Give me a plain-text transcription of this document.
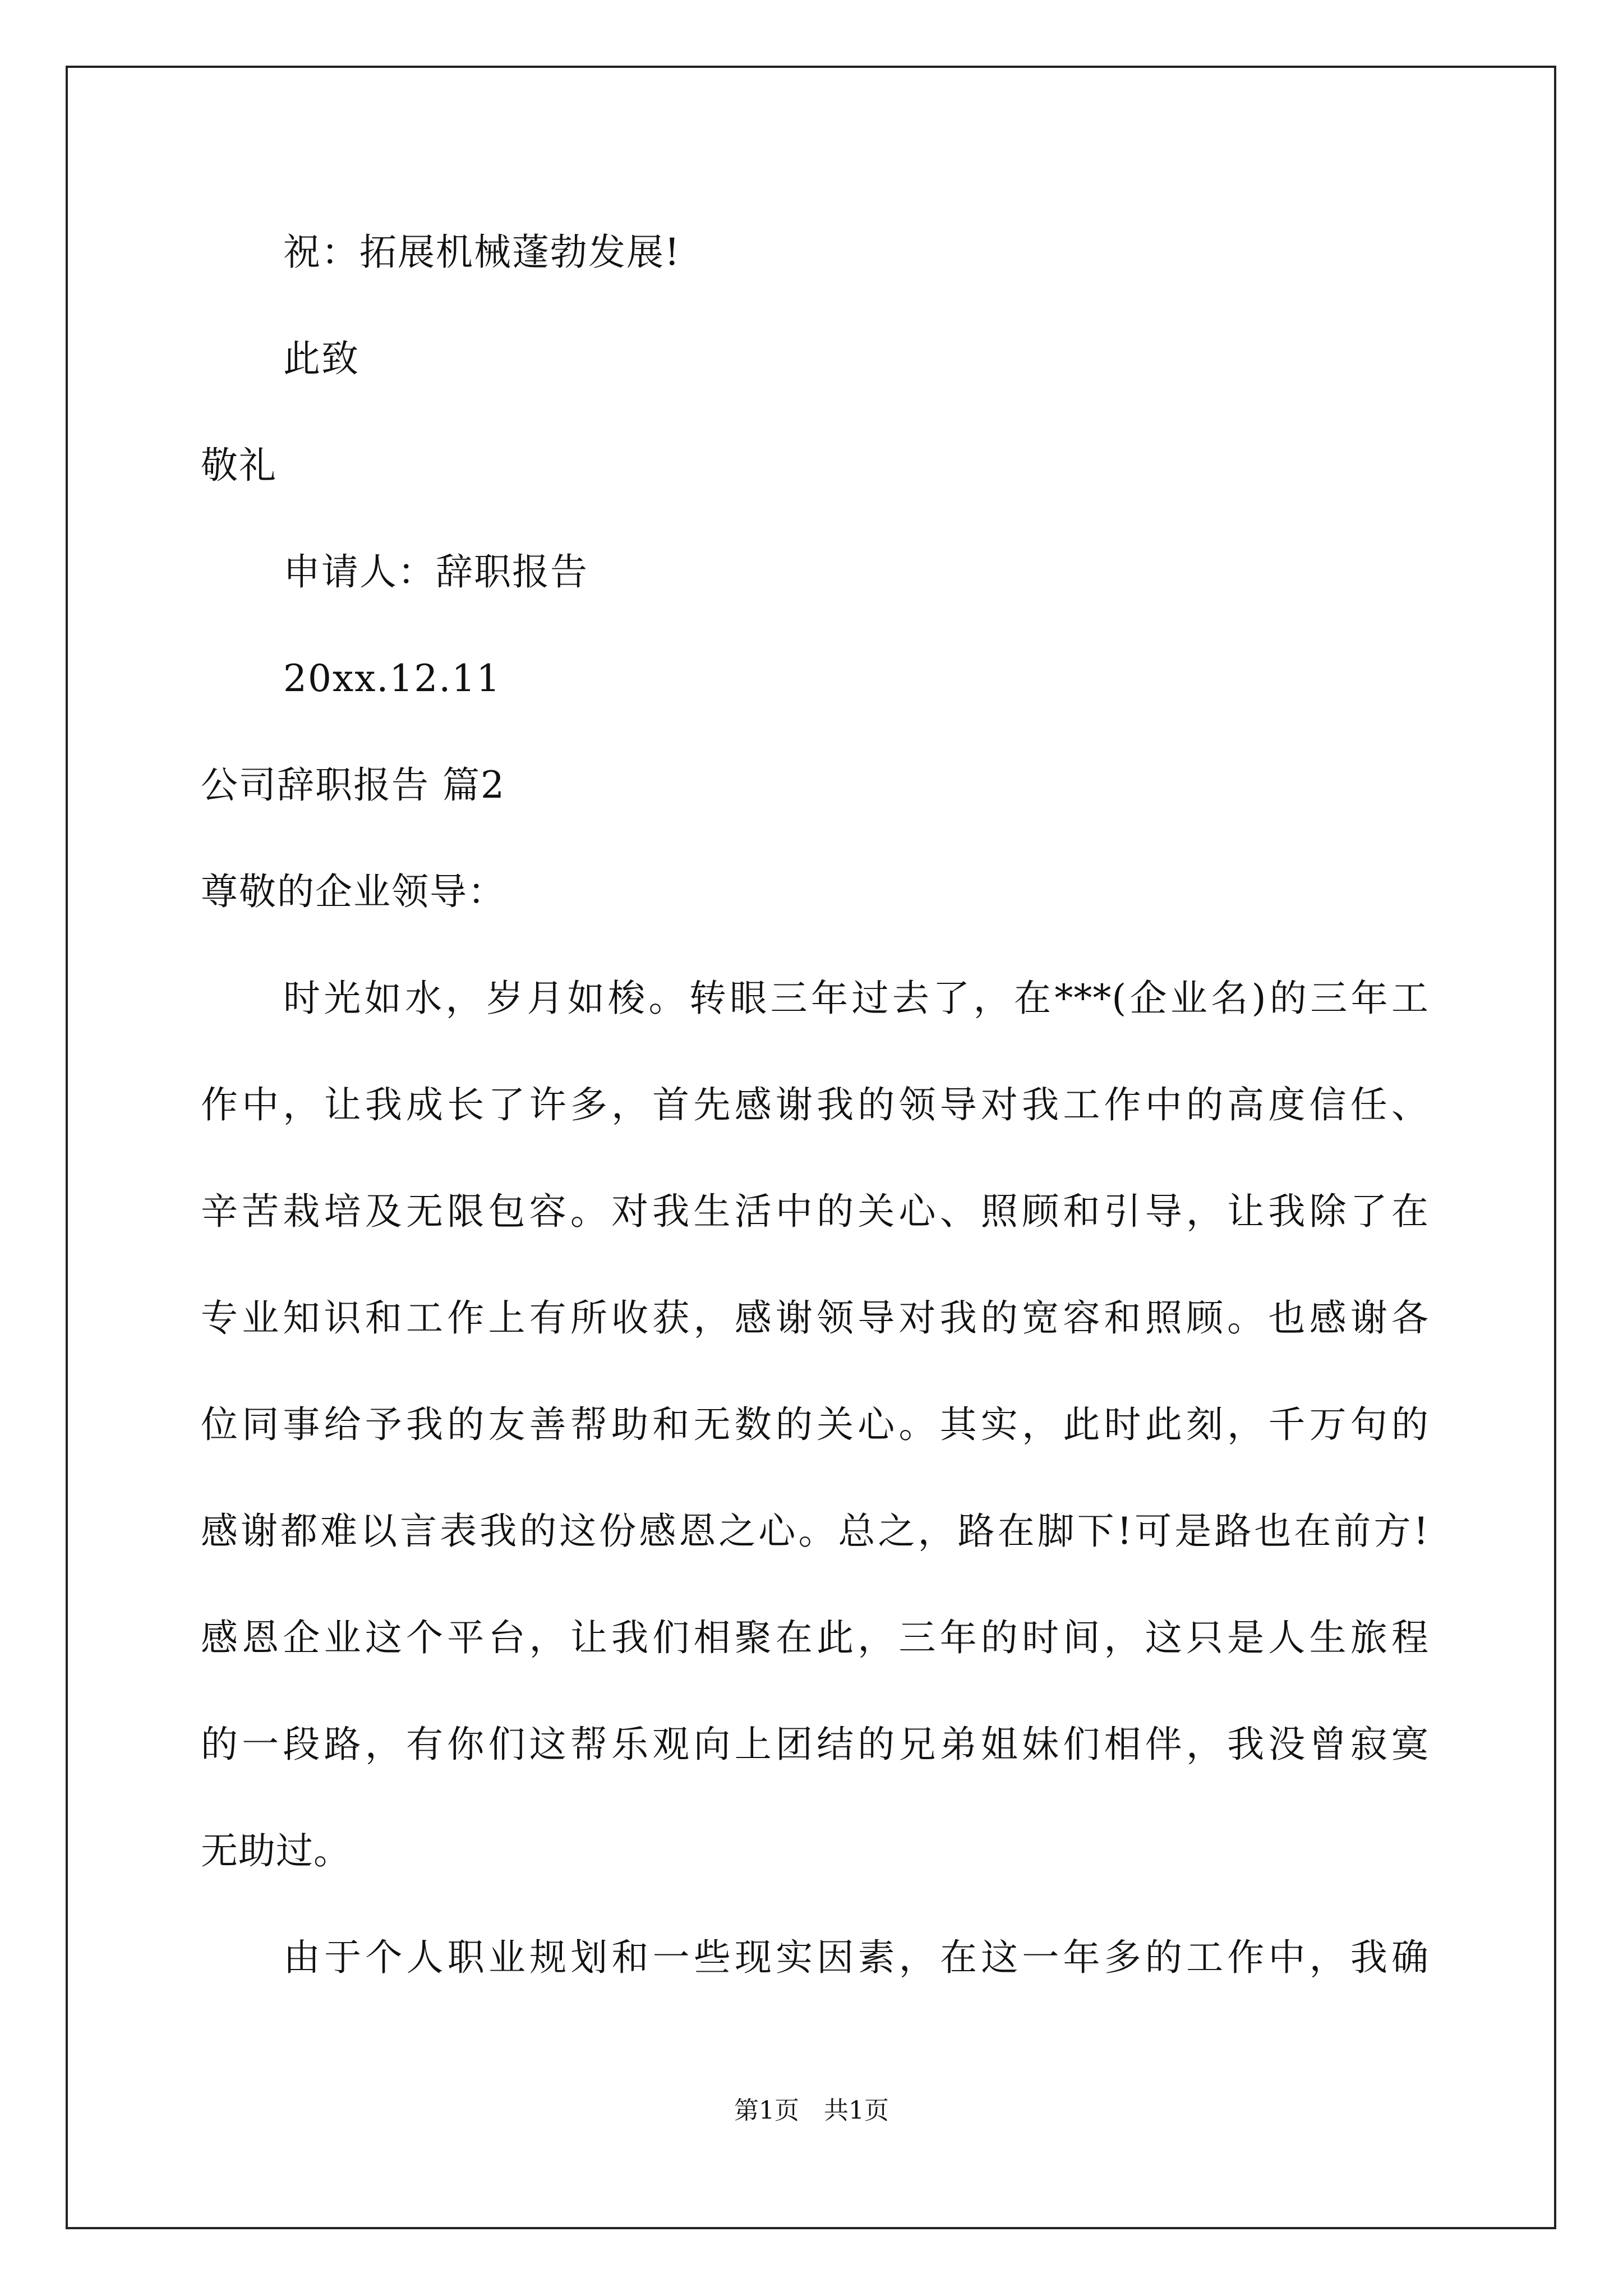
祝：拓展机械蓬勃发展!
此致
敬礼
申请人：辞职报告
20xx.12.11
公司辞职报告 篇2
尊敬的企业领导：
时光如水，岁月如梭。转眼三年过去了，在***(企业名)的三年工
作中，让我成长了许多，首先感谢我的领导对我工作中的高度信任、
辛苦栽培及无限包容。对我生活中的关心、照顾和引导，让我除了在
专业知识和工作上有所收获，感谢领导对我的宽容和照顾。也感谢各
位同事给予我的友善帮助和无数的关心。其实，此时此刻，千万句的
感谢都难以言表我的这份感恩之心。总之，路在脚下!可是路也在前方!
感恩企业这个平台，让我们相聚在此，三年的时间，这只是人生旅程
的一段路，有你们这帮乐观向上团结的兄弟姐妹们相伴，我没曾寂寞
无助过。
由于个人职业规划和一些现实因素，在这一年多的工作中，我确
第1页　共1页
